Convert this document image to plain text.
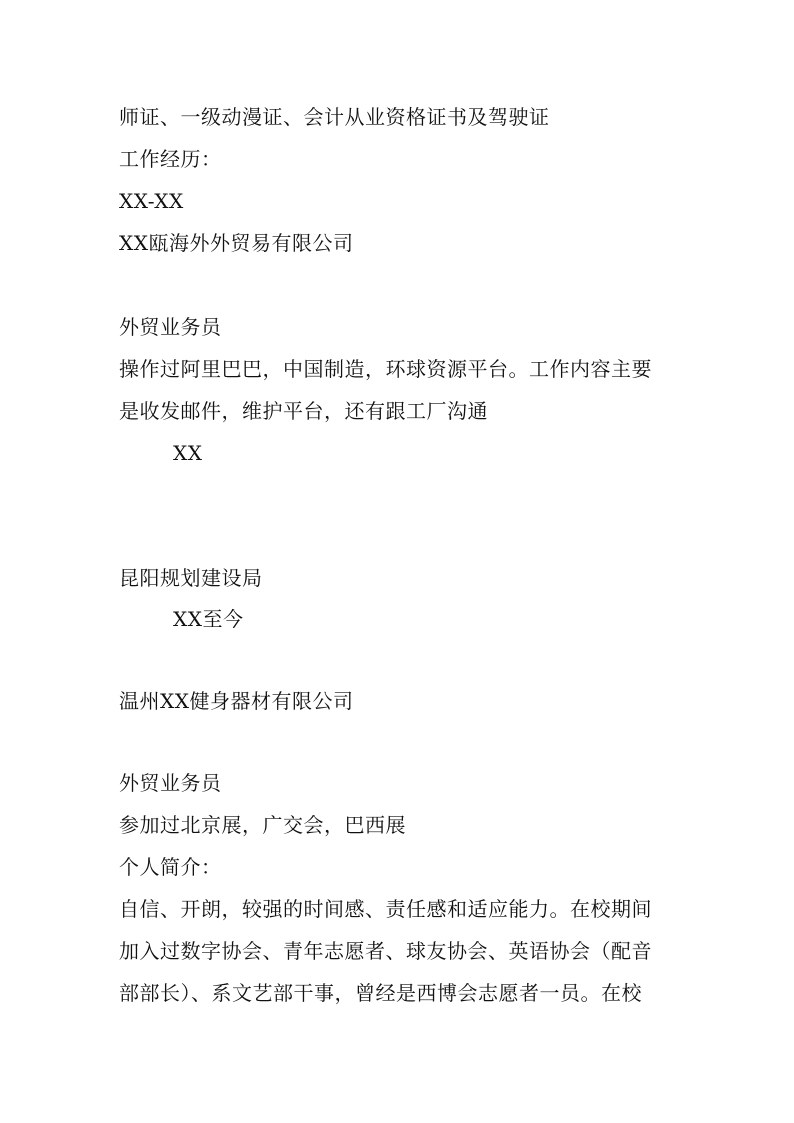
师证、一级动漫证、会计从业资格证书及驾驶证
工作经历：
XX-XX
XX瓯海外外贸易有限公司
外贸业务员
操作过阿里巴巴，中国制造，环球资源平台。工作内容主要
是收发邮件，维护平台，还有跟工厂沟通
XX
昆阳规划建设局
XX至今
温州XX健身器材有限公司
外贸业务员
参加过北京展，广交会，巴西展
个人简介：
自信、开朗，较强的时间感、责任感和适应能力。在校期间
加入过数字协会、青年志愿者、球友协会、英语协会（配音
部部长）、系文艺部干事，曾经是西博会志愿者一员。在校
